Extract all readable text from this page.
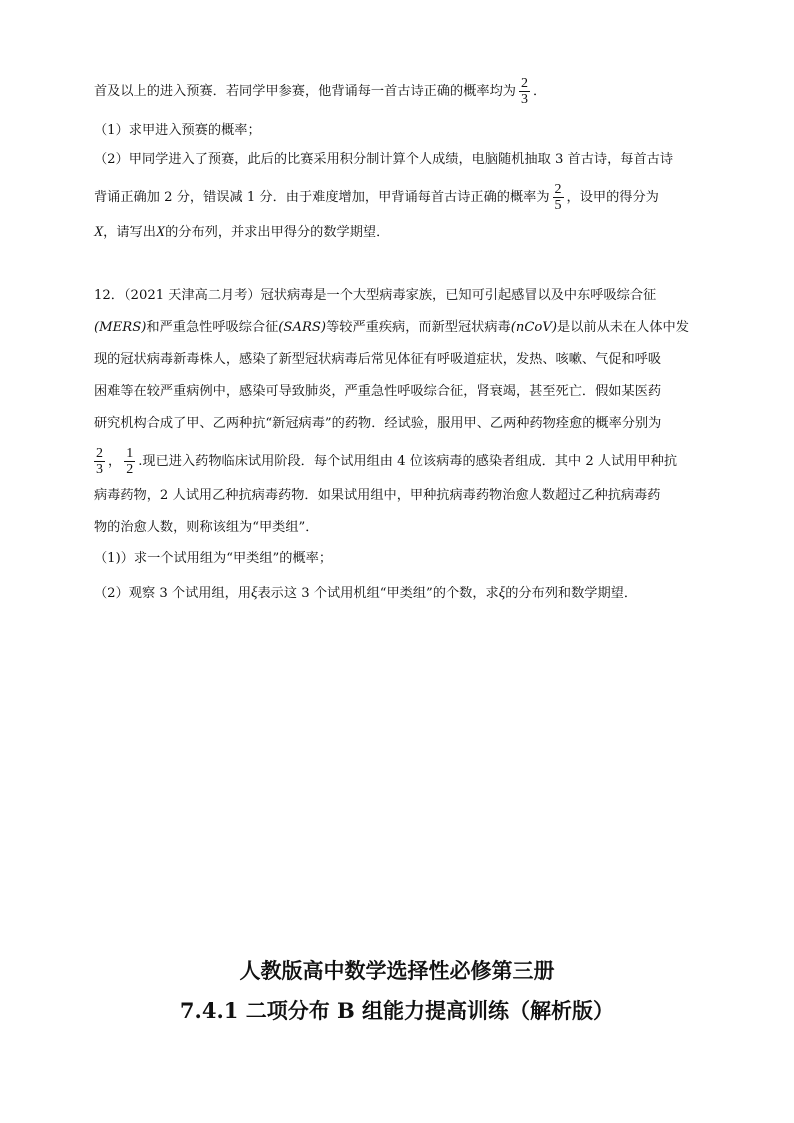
首及以上的进入预赛．若同学甲参赛，他背诵每一首古诗正确的概率均为 $\frac{2}{3}$ ．
（1）求甲进入预赛的概率；
（2）甲同学进入了预赛，此后的比赛采用积分制计算个人成绩，电脑随机抽取 3 首古诗，每首古诗
背诵正确加 2 分，错误减 1 分．由于难度增加，甲背诵每首古诗正确的概率为 $\frac{2}{5}$ ，设甲的得分为
X，请写出X的分布列，并求出甲得分的数学期望．
12．（2021 天津高二月考）冠状病毒是一个大型病毒家族，已知可引起感冒以及中东呼吸综合征
(MERS)和严重急性呼吸综合征(SARS)等较严重疾病，而新型冠状病毒(nCoV)是以前从未在人体中发
现的冠状病毒新毒株人，感染了新型冠状病毒后常见体征有呼吸道症状，发热、咳嗽、气促和呼吸
困难等在较严重病例中，感染可导致肺炎，严重急性呼吸综合征，肾衰竭，甚至死亡．假如某医药
研究机构合成了甲、乙两种抗“新冠病毒”的药物．经试验，服用甲、乙两种药物痊愈的概率分别为
$\frac{2}{3}$ ， $\frac{1}{2}$ .现已进入药物临床试用阶段．每个试用组由 4 位该病毒的感染者组成．其中 2 人试用甲种抗
病毒药物，2 人试用乙种抗病毒药物．如果试用组中，甲种抗病毒药物治愈人数超过乙种抗病毒药
物的治愈人数，则称该组为“甲类组”．
（1)）求一个试用组为“甲类组”的概率；
（2）观察 3 个试用组，用ξ表示这 3 个试用机组“甲类组”的个数，求ξ的分布列和数学期望．
人教版高中数学选择性必修第三册
7.4.1 二项分布 B 组能力提高训练（解析版）
